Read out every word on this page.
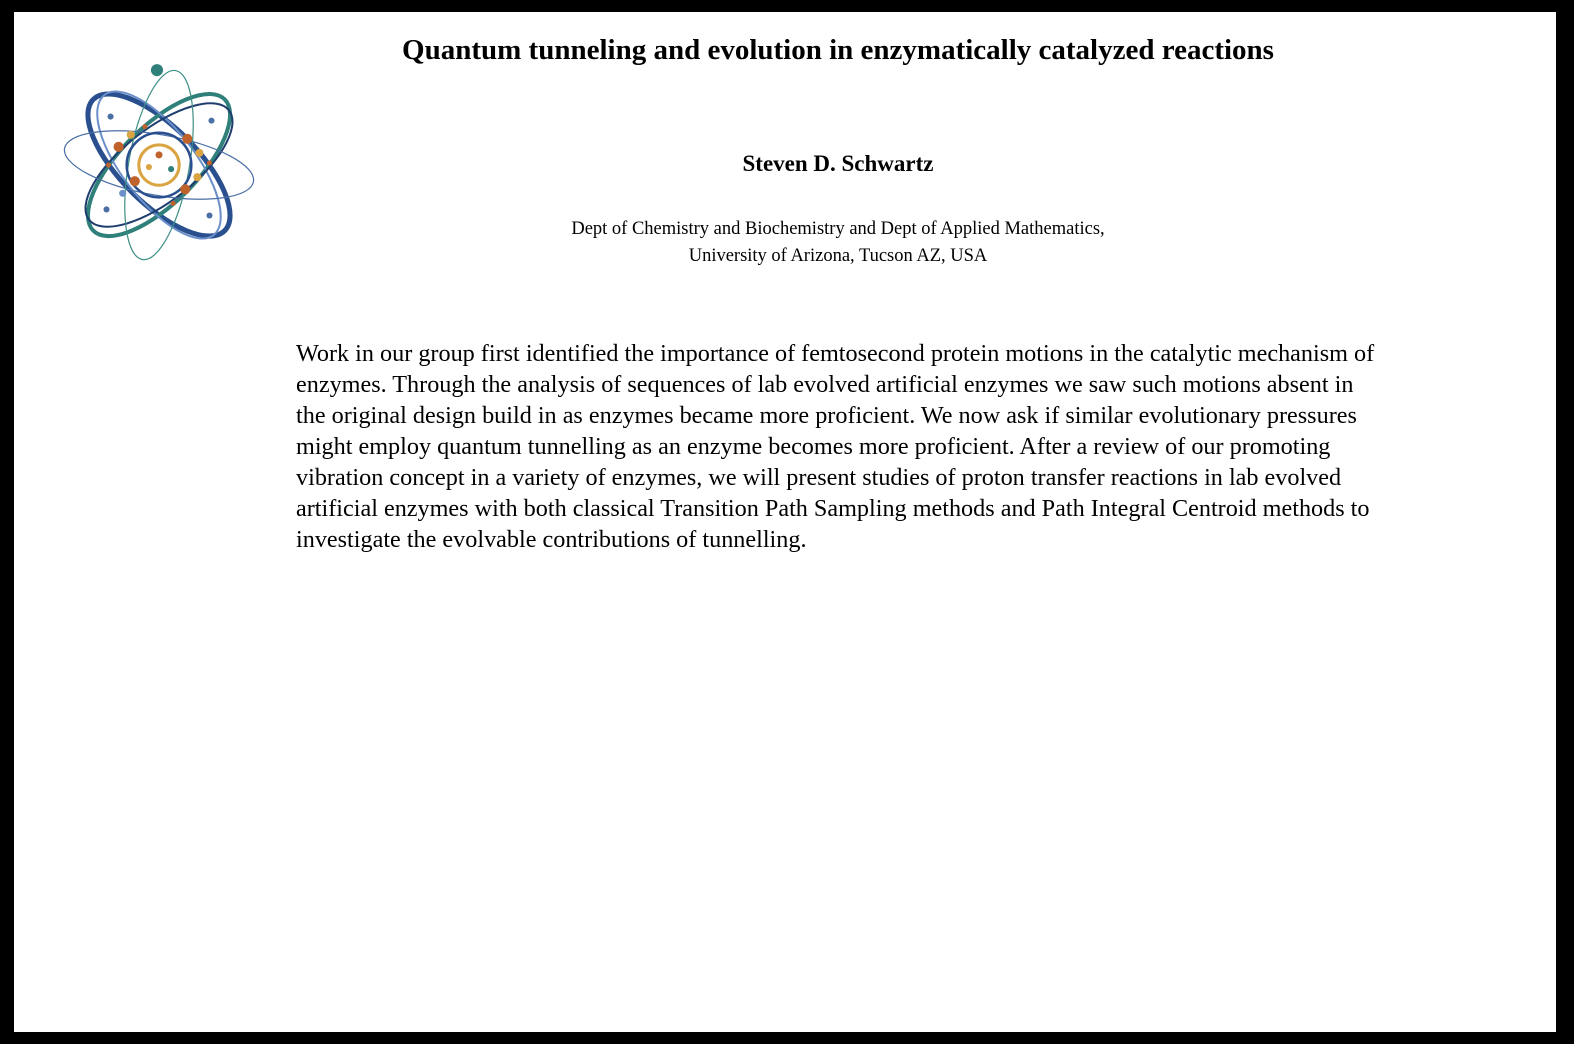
Quantum tunneling and evolution in enzymatically catalyzed reactions
Steven D. Schwartz
Dept of Chemistry and Biochemistry and Dept of Applied Mathematics,
University of Arizona, Tucson AZ, USA
Work in our group first identified the importance of femtosecond protein motions in the catalytic mechanism of enzymes. Through the analysis of sequences of lab evolved artificial enzymes we saw such motions absent in the original design build in as enzymes became more proficient. We now ask if similar evolutionary pressures might employ quantum tunnelling as an enzyme becomes more proficient. After a review of our promoting vibration concept in a variety of enzymes, we will present studies of proton transfer reactions in lab evolved artificial enzymes with both classical Transition Path Sampling methods and Path Integral Centroid methods to investigate the evolvable contributions of tunnelling.
